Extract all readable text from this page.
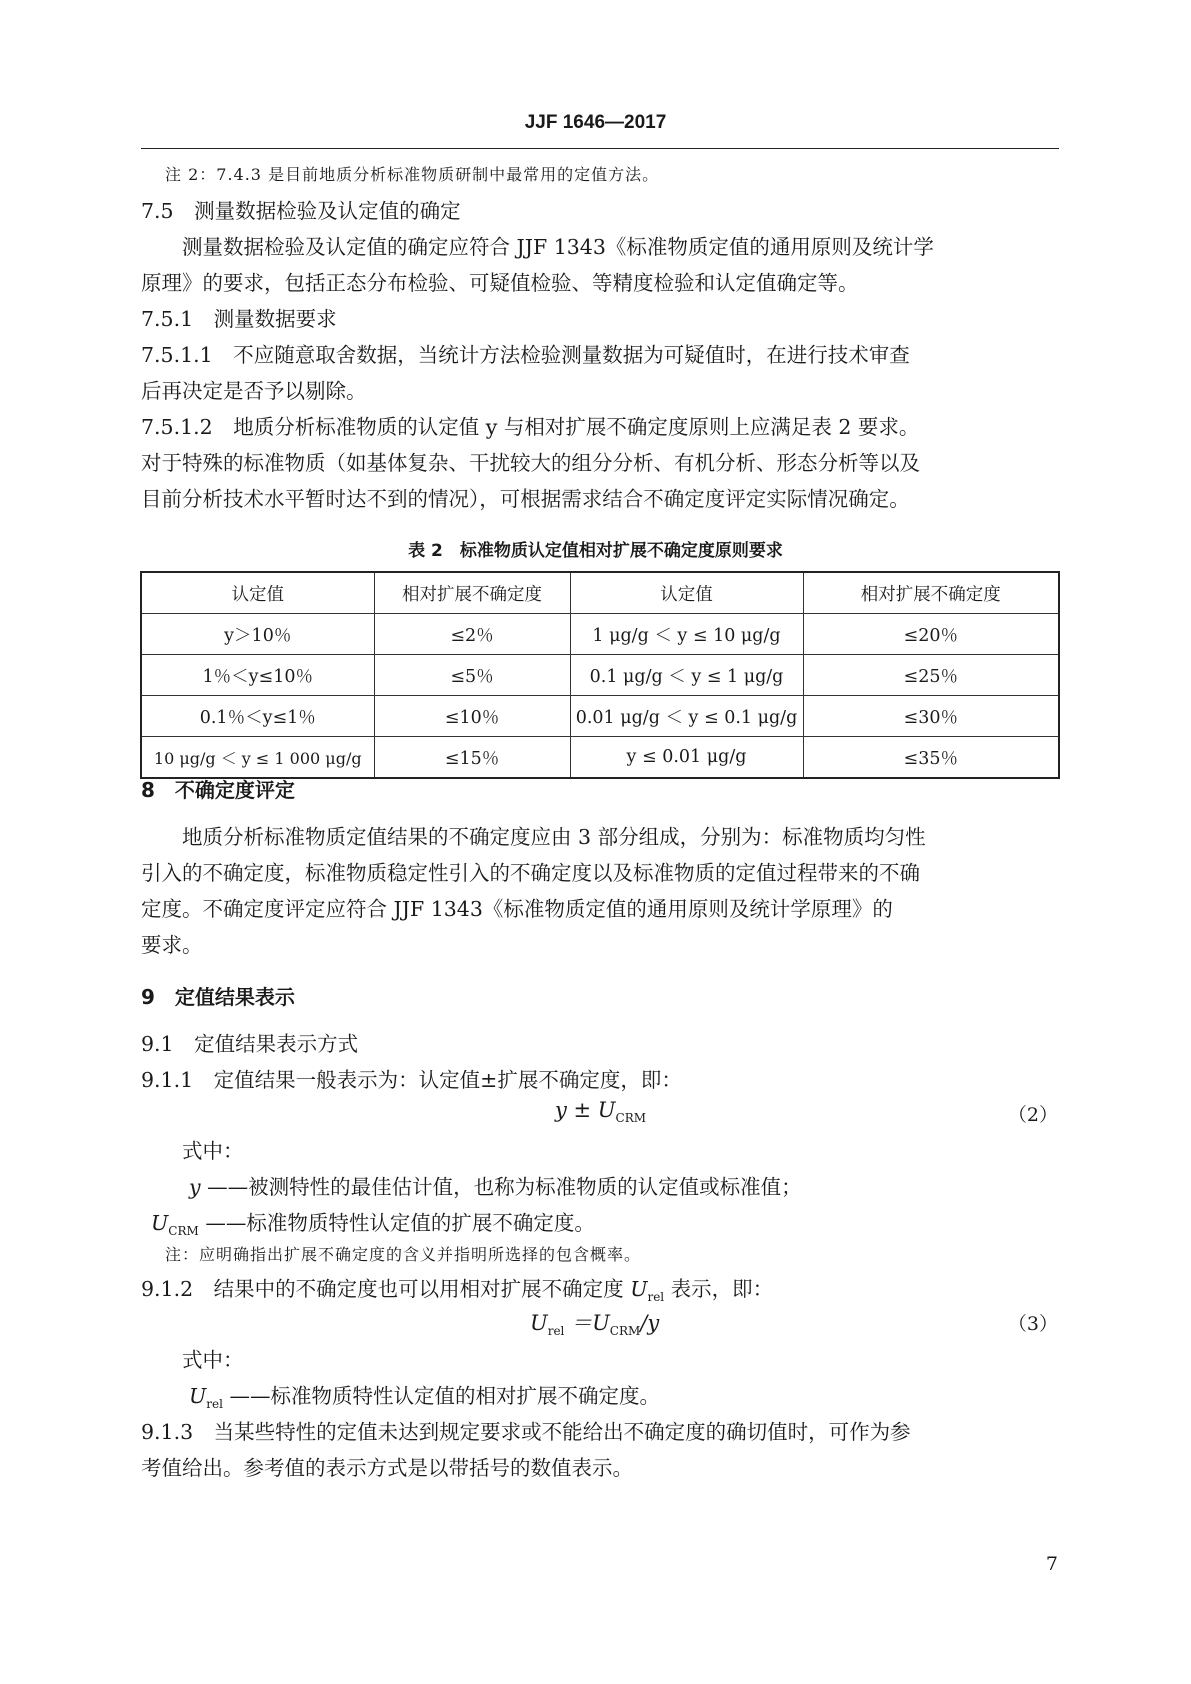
JJF 1646—2017
注 2：7.4.3 是目前地质分析标准物质研制中最常用的定值方法。
7.5　测量数据检验及认定值的确定
　　测量数据检验及认定值的确定应符合 JJF 1343《标准物质定值的通用原则及统计学
原理》的要求，包括正态分布检验、可疑值检验、等精度检验和认定值确定等。
7.5.1　测量数据要求
7.5.1.1　不应随意取舍数据，当统计方法检验测量数据为可疑值时，在进行技术审查
后再决定是否予以剔除。
7.5.1.2　地质分析标准物质的认定值 y 与相对扩展不确定度原则上应满足表 2 要求。
对于特殊的标准物质（如基体复杂、干扰较大的组分分析、有机分析、形态分析等以及
目前分析技术水平暂时达不到的情况），可根据需求结合不确定度评定实际情况确定。
表 2　标准物质认定值相对扩展不确定度原则要求
认定值	相对扩展不确定度	认定值	相对扩展不确定度
y＞10％	≤2％	1 μg/g ＜ y ≤ 10 μg/g	≤20％
1％＜y≤10％	≤5％	0.1 μg/g ＜ y ≤ 1 μg/g	≤25％
0.1％＜y≤1％	≤10％	0.01 μg/g ＜ y ≤ 0.1 μg/g	≤30％
10 μg/g ＜ y ≤ 1 000 μg/g	≤15％	y ≤ 0.01 μg/g	≤35％
8　不确定度评定
　　地质分析标准物质定值结果的不确定度应由 3 部分组成，分别为：标准物质均匀性
引入的不确定度，标准物质稳定性引入的不确定度以及标准物质的定值过程带来的不确
定度。不确定度评定应符合 JJF 1343《标准物质定值的通用原则及统计学原理》的
要求。
9　定值结果表示
9.1　定值结果表示方式
9.1.1　定值结果一般表示为：认定值±扩展不确定度，即：
$y \pm U_{CRM}$	（2）
　　式中：
y ——被测特性的最佳估计值，也称为标准物质的认定值或标准值；
$U_{CRM}$ ——标准物质特性认定值的扩展不确定度。
注：应明确指出扩展不确定度的含义并指明所选择的包含概率。
9.1.2　结果中的不确定度也可以用相对扩展不确定度 $U_{rel}$ 表示，即：
$U_{rel} =U_{CRM}/y$	（3）
　　式中：
$U_{rel}$ ——标准物质特性认定值的相对扩展不确定度。
9.1.3　当某些特性的定值未达到规定要求或不能给出不确定度的确切值时，可作为参
考值给出。参考值的表示方式是以带括号的数值表示。
7
